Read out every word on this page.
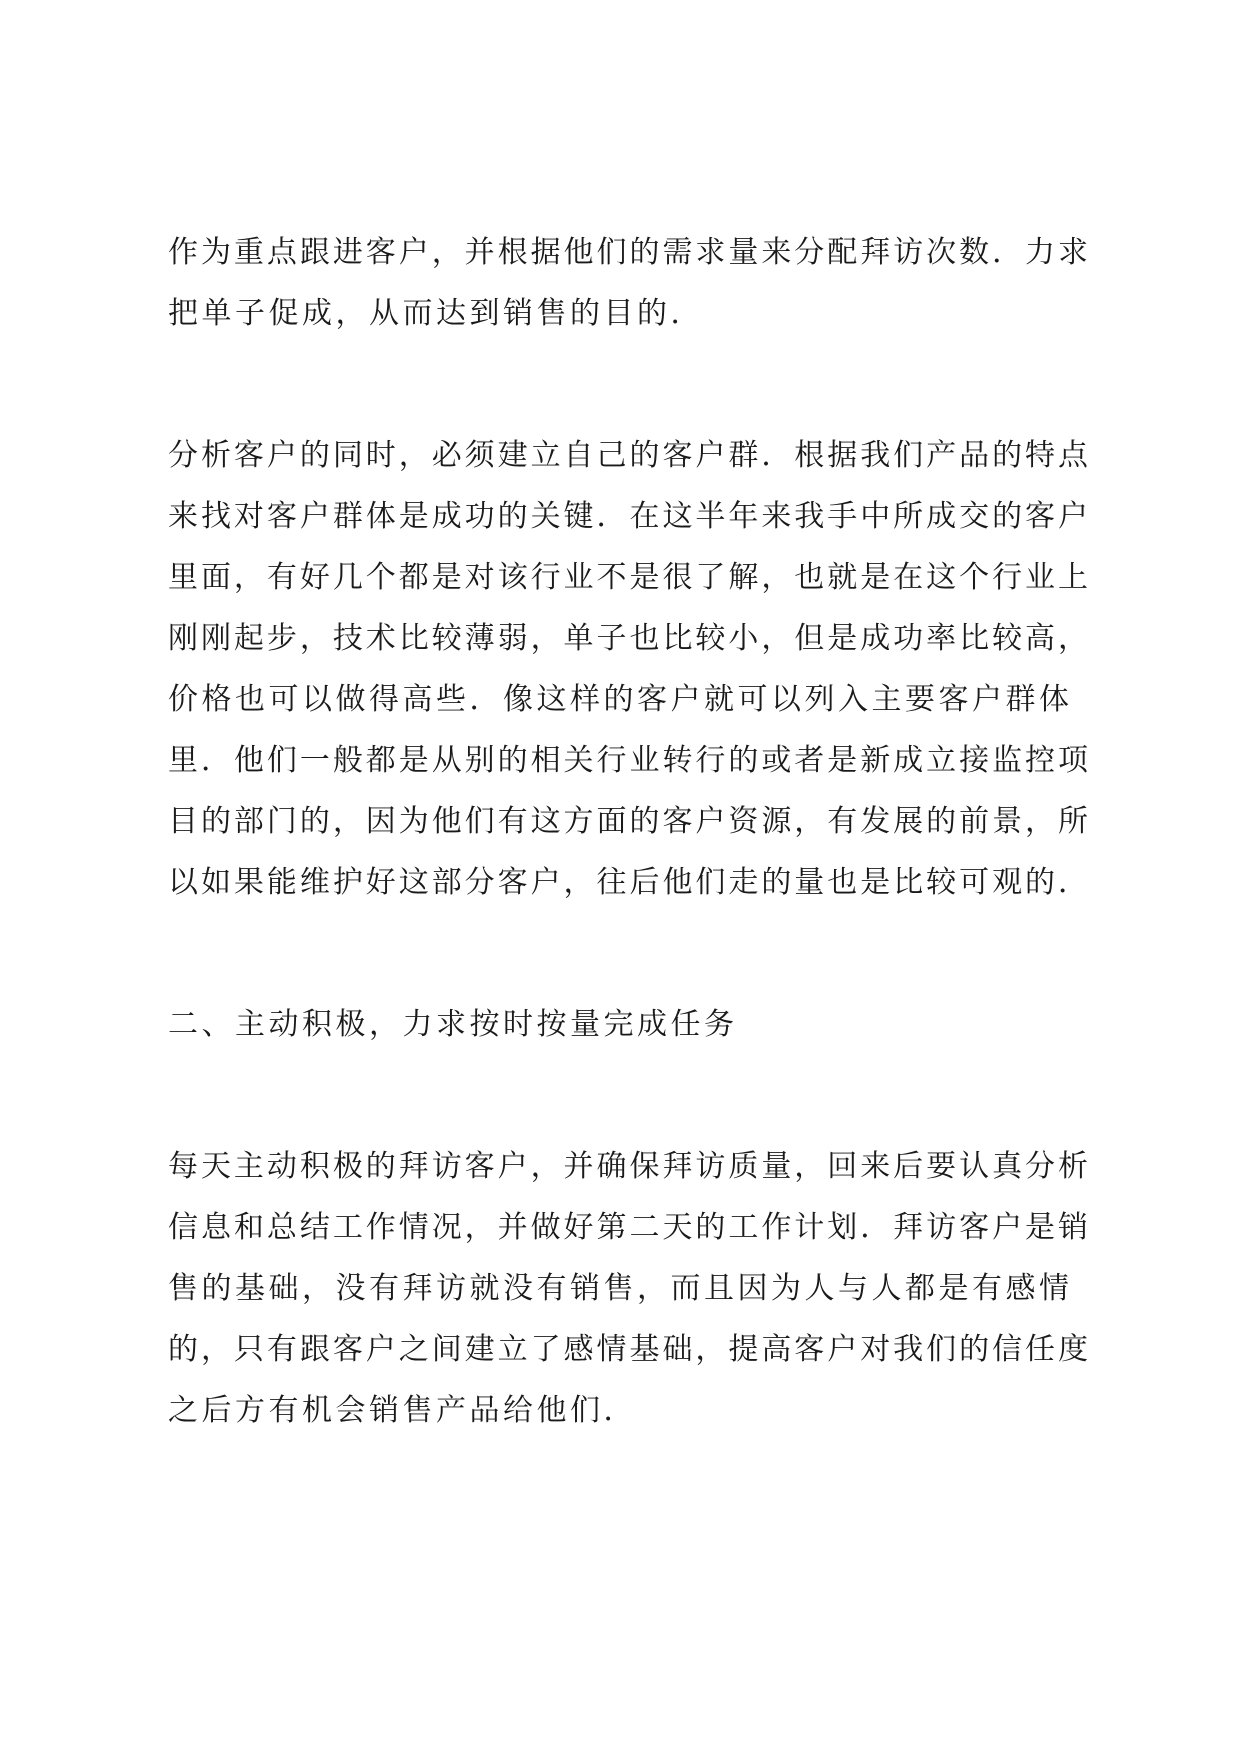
作为重点跟进客户，并根据他们的需求量来分配拜访次数．力求
把单子促成，从而达到销售的目的．
分析客户的同时，必须建立自己的客户群．根据我们产品的特点
来找对客户群体是成功的关键．在这半年来我手中所成交的客户
里面，有好几个都是对该行业不是很了解，也就是在这个行业上
刚刚起步，技术比较薄弱，单子也比较小，但是成功率比较高，
价格也可以做得高些．像这样的客户就可以列入主要客户群体
里．他们一般都是从别的相关行业转行的或者是新成立接监控项
目的部门的，因为他们有这方面的客户资源，有发展的前景，所
以如果能维护好这部分客户，往后他们走的量也是比较可观的．
二、主动积极，力求按时按量完成任务
每天主动积极的拜访客户，并确保拜访质量，回来后要认真分析
信息和总结工作情况，并做好第二天的工作计划．拜访客户是销
售的基础，没有拜访就没有销售，而且因为人与人都是有感情
的，只有跟客户之间建立了感情基础，提高客户对我们的信任度
之后方有机会销售产品给他们．
